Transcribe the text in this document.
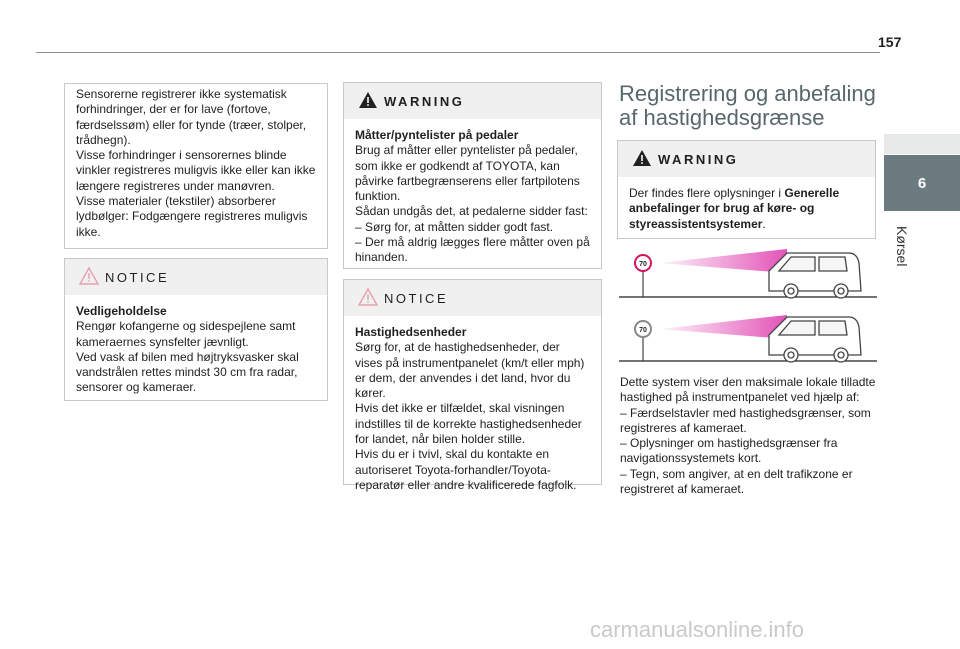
157
6
Kørsel

Sensorerne registrerer ikke systematisk forhindringer, der er for lave (fortove, færdselssøm) eller for tynde (træer, stolper, trådhegn).
Visse forhindringer i sensorernes blinde vinkler registreres muligvis ikke eller kan ikke længere registreres under manøvren.
Visse materialer (tekstiler) absorberer lydbølger: Fodgængere registreres muligvis ikke.

NOTICE

Vedligeholdelse

Rengør kofangerne og sidespejlene samt kameraernes synsfelter jævnligt.
Ved vask af bilen med højtryksvasker skal vandstrålen rettes mindst 30 cm fra radar, sensorer og kameraer.

WARNING

Måtter/pyntelister på pedaler

Brug af måtter eller pyntelister på pedaler, som ikke er godkendt af TOYOTA, kan påvirke fartbegrænserens eller fartpilotens funktion.
Sådan undgås det, at pedalerne sidder fast:
– Sørg for, at måtten sidder godt fast.
– Der må aldrig lægges flere måtter oven på hinanden.

NOTICE

Hastighedsenheder

Sørg for, at de hastighedsenheder, der vises på instrumentpanelet (km/t eller mph) er dem, der anvendes i det land, hvor du kører.
Hvis det ikke er tilfældet, skal visningen indstilles til de korrekte hastighedsenheder for landet, når bilen holder stille.
Hvis du er i tvivl, skal du kontakte en autoriseret Toyota-forhandler/Toyota-reparatør eller andre kvalificerede fagfolk.

Registrering og anbefaling af hastighedsgrænse
WARNING

Der findes flere oplysninger i Generelle anbefalinger for brug af køre- og styreassistentsystemer.

70
70

Dette system viser den maksimale lokale tilladte hastighed på instrumentpanelet ved hjælp af:
– Færdselstavler med hastighedsgrænser, som registreres af kameraet.
– Oplysninger om hastighedsgrænser fra navigationssystemets kort.
– Tegn, som angiver, at en delt trafikzone er registreret af kameraet.

carmanualsonline.info
